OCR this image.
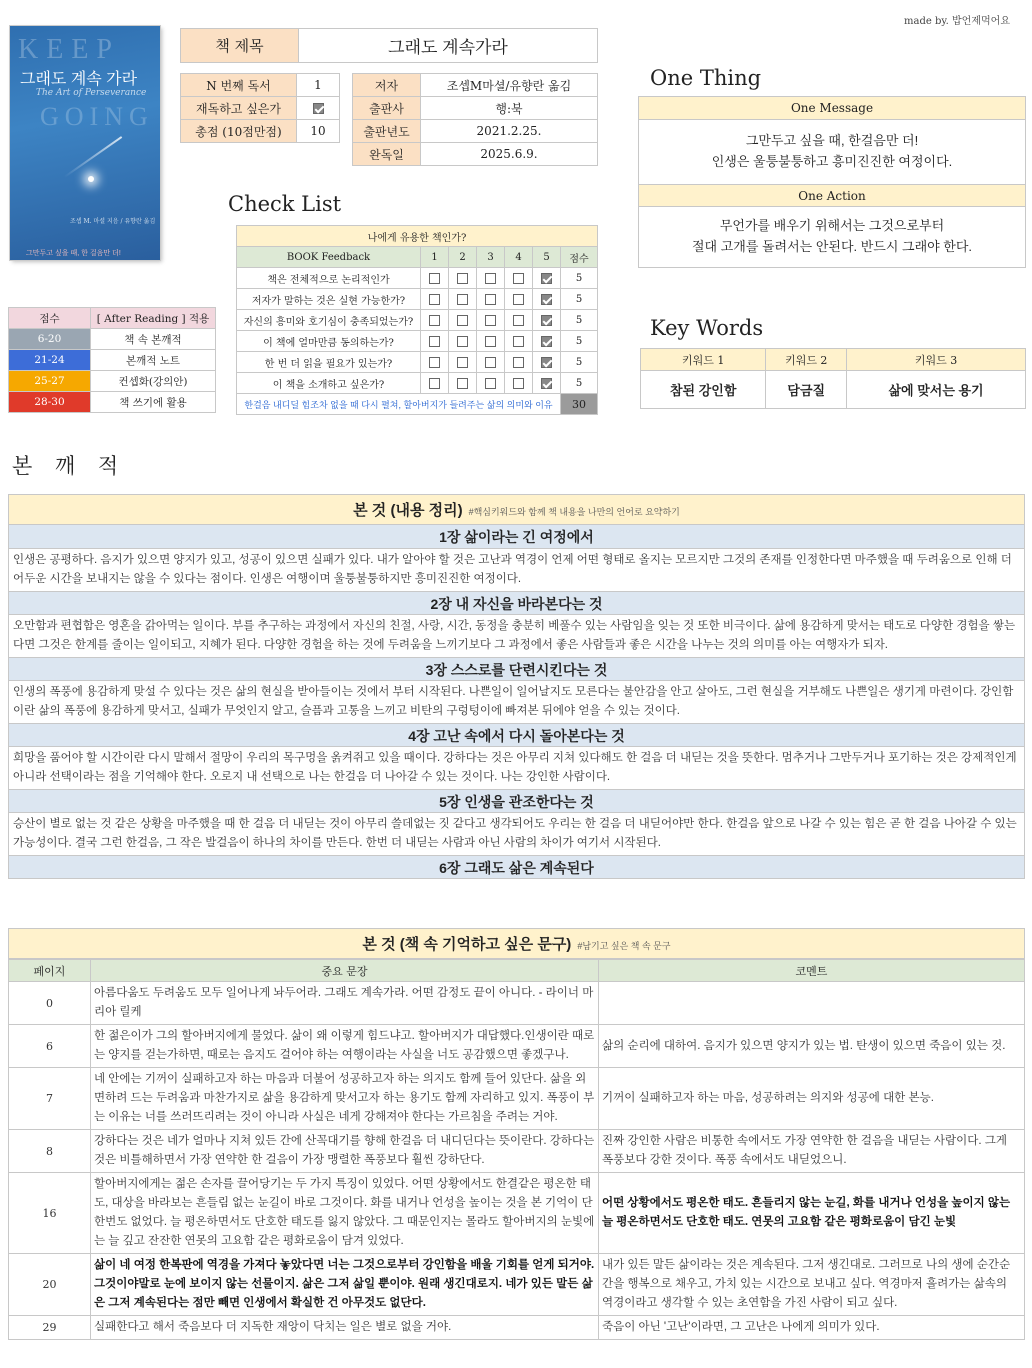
made by. 밥언제먹어요
KEEP
그래도 계속 가라
The Art of Perseverance
GOING
조셉 M. 마셜 지음 / 유향란 옮김
그만두고 싶을 때, 한 걸음만 더!
책 제목	그래도 계속가라
N 번째 독서	1
재독하고 싶은가	
총점 (10점만점)	10
저자	조셉M마셜/유향란 옮김
출판사	행:북
출판년도	2021.2.25.
완독일	2025.6.9.
Check List
나에게 유용한 책인가?						
BOOK Feedback	1	2	3	4	5	점수
책은 전체적으로 논리적인가						5
저자가 말하는 것은 실현 가능한가?						5
자신의 흥미와 호기심이 충족되었는가?						5
이 책에 얼마만큼 동의하는가?						5
한 번 더 읽을 필요가 있는가?						5
이 책을 소개하고 싶은가?						5
한걸음 내디딜 힘조차 없을 때 다시 펼쳐, 할아버지가 들려주는 삶의 의미와 이유						30
점수	[ After Reading ] 적용
6-20	책 속 본깨적
21-24	본깨적 노트
25-27	컨셉화(강의안)
28-30	책 쓰기에 활용
One Thing
One Message
그만두고 싶을 때, 한걸음만 더!
인생은 울퉁불퉁하고 흥미진진한 여정이다.
One Action
무언가를 배우기 위해서는 그것으로부터
절대 고개를 돌려서는 안된다. 반드시 그래야 한다.
Key Words
키워드 1	키워드 2	키워드 3
참된 강인함	담금질	삶에 맞서는 용기
본 깨 적
본 것 (내용 정리) #핵심키워드와 함께 책 내용을 나만의 언어로 요약하기
1장 삶이라는 긴 여정에서
인생은 공평하다. 음지가 있으면 양지가 있고, 성공이 있으면 실패가 있다. 내가 알아야 할 것은 고난과 역경이 언제 어떤 형태로 올지는 모르지만 그것의 존재를 인정한다면 마주했을 때 두려움으로 인해 더 어두운 시간을 보내지는 않을 수 있다는 점이다. 인생은 여행이며 울퉁불퉁하지만 흥미진진한 여정이다.
2장 내 자신을 바라본다는 것
오만함과 편협함은 영혼을 갉아먹는 일이다. 부를 추구하는 과정에서 자신의 친절, 사랑, 시간, 동정을 충분히 베풀수 있는 사람임을 잊는 것 또한 비극이다. 삶에 용감하게 맞서는 태도로 다양한 경험을 쌓는다면 그것은 한계를 줄이는 일이되고, 지혜가 된다. 다양한 경험을 하는 것에 두려움을 느끼기보다 그 과정에서 좋은 사람들과 좋은 시간을 나누는 것의 의미를 아는 여행자가 되자.
3장 스스로를 단련시킨다는 것
인생의 폭풍에 용감하게 맞설 수 있다는 것은 삶의 현실을 받아들이는 것에서 부터 시작된다. 나쁜일이 일어날지도 모른다는 불안감을 안고 살아도, 그런 현실을 거부해도 나쁜일은 생기게 마련이다. 강인함이란 삶의 폭풍에 용감하게 맞서고, 실패가 무엇인지 알고, 슬픔과 고통을 느끼고 비탄의 구렁텅이에 빠져본 뒤에야 얻을 수 있는 것이다.
4장 고난 속에서 다시 돌아본다는 것
희망을 품어야 할 시간이란 다시 말해서 절망이 우리의 목구멍을 옭켜쥐고 있을 때이다. 강하다는 것은 아무리 지쳐 있다해도 한 걸음 더 내딛는 것을 뜻한다. 멈추거나 그만두거나 포기하는 것은 강제적인게 아니라 선택이라는 점을 기억해야 한다. 오로지 내 선택으로 나는 한걸음 더 나아갈 수 있는 것이다. 나는 강인한 사람이다.
5장 인생을 관조한다는 것
승산이 별로 없는 것 같은 상황을 마주했을 때 한 걸음 더 내딛는 것이 아무리 쓸데없는 짓 같다고 생각되어도 우리는 한 걸음 더 내딛어야만 한다. 한걸음 앞으로 나갈 수 있는 힘은 곧 한 걸음 나아갈 수 있는 가능성이다. 결국 그런 한걸음, 그 작은 발걸음이 하나의 차이를 만든다. 한번 더 내딛는 사람과 아닌 사람의 차이가 여기서 시작된다.
6장 그래도 삶은 계속된다
본 것 (책 속 기억하고 싶은 문구) #남기고 싶은 책 속 문구
페이지	중요 문장	코멘트
0	아름다움도 두려움도 모두 일어나게 놔두어라. 그래도 계속가라. 어떤 감정도 끝이 아니다. - 라이너 마리아 릴케	
6	한 젊은이가 그의 할아버지에게 물었다. 삶이 왜 이렇게 힘드냐고. 할아버지가 대답했다.인생이란 때로는 양지를 걷는가하면, 때로는 음지도 걸어야 하는 여행이라는 사실을 너도 공감했으면 좋겠구나.	삶의 순리에 대하여. 음지가 있으면 양지가 있는 법. 탄생이 있으면 죽음이 있는 것.
7	네 안에는 기꺼이 실패하고자 하는 마음과 더불어 성공하고자 하는 의지도 함께 들어 있단다. 삶을 외면하려 드는 두려움과 마찬가지로 삶을 용감하게 맞서고자 하는 용기도 함께 자리하고 있지. 폭풍이 부는 이유는 너를 쓰러뜨리려는 것이 아니라 사실은 네게 강해져야 한다는 가르침을 주려는 거야.	기꺼이 실패하고자 하는 마음, 성공하려는 의지와 성공에 대한 본능.
8	강하다는 것은 네가 얼마나 지쳐 있든 간에 산꼭대기를 향해 한걸음 더 내디딘다는 뜻이란다. 강하다는 것은 비틀해하면서 가장 연약한 한 걸음이 가장 맹렬한 폭풍보다 훨씬 강하단다.	진짜 강인한 사람은 비통한 속에서도 가장 연약한 한 걸음을 내딛는 사람이다. 그게 폭풍보다 강한 것이다. 폭풍 속에서도 내딛었으니.
16	할아버지에게는 젊은 손자를 끌어당기는 두 가지 특징이 있었다. 어떤 상황에서도 한결같은 평온한 태도, 대상을 바라보는 흔들림 없는 눈길이 바로 그것이다. 화를 내거나 언성을 높이는 것을 본 기억이 단 한번도 없었다. 늘 평온하면서도 단호한 태도를 잃지 않았다. 그 때문인지는 몰라도 할아버지의 눈빛에는 늘 깊고 잔잔한 연못의 고요함 같은 평화로움이 담겨 있었다.	어떤 상황에서도 평온한 태도. 흔들리지 않는 눈길, 화를 내거나 언성을 높이지 않는 늘 평온하면서도 단호한 태도. 연못의 고요함 같은 평화로움이 담긴 눈빛
20	삶이 네 여정 한복판에 역경을 가져다 놓았다면 너는 그것으로부터 강인함을 배울 기회를 얻게 되거야. 그것이야말로 눈에 보이지 않는 선물이지. 삶은 그저 삶일 뿐이야. 원래 생긴대로지. 네가 있든 말든 삶은 그저 계속된다는 점만 빼면 인생에서 확실한 건 아무것도 없단다.	내가 있든 말든 삶이라는 것은 계속된다. 그저 생긴대로. 그러므로 나의 생에 순간순간을 행복으로 채우고, 가치 있는 시간으로 보내고 싶다. 역경마저 흘려가는 삶속의 역경이라고 생각할 수 있는 초연함을 가진 사람이 되고 싶다.
29	실패한다고 해서 죽음보다 더 지독한 재앙이 닥치는 일은 별로 없을 거야.	죽음이 아닌 '고난'이라면, 그 고난은 나에게 의미가 있다.
